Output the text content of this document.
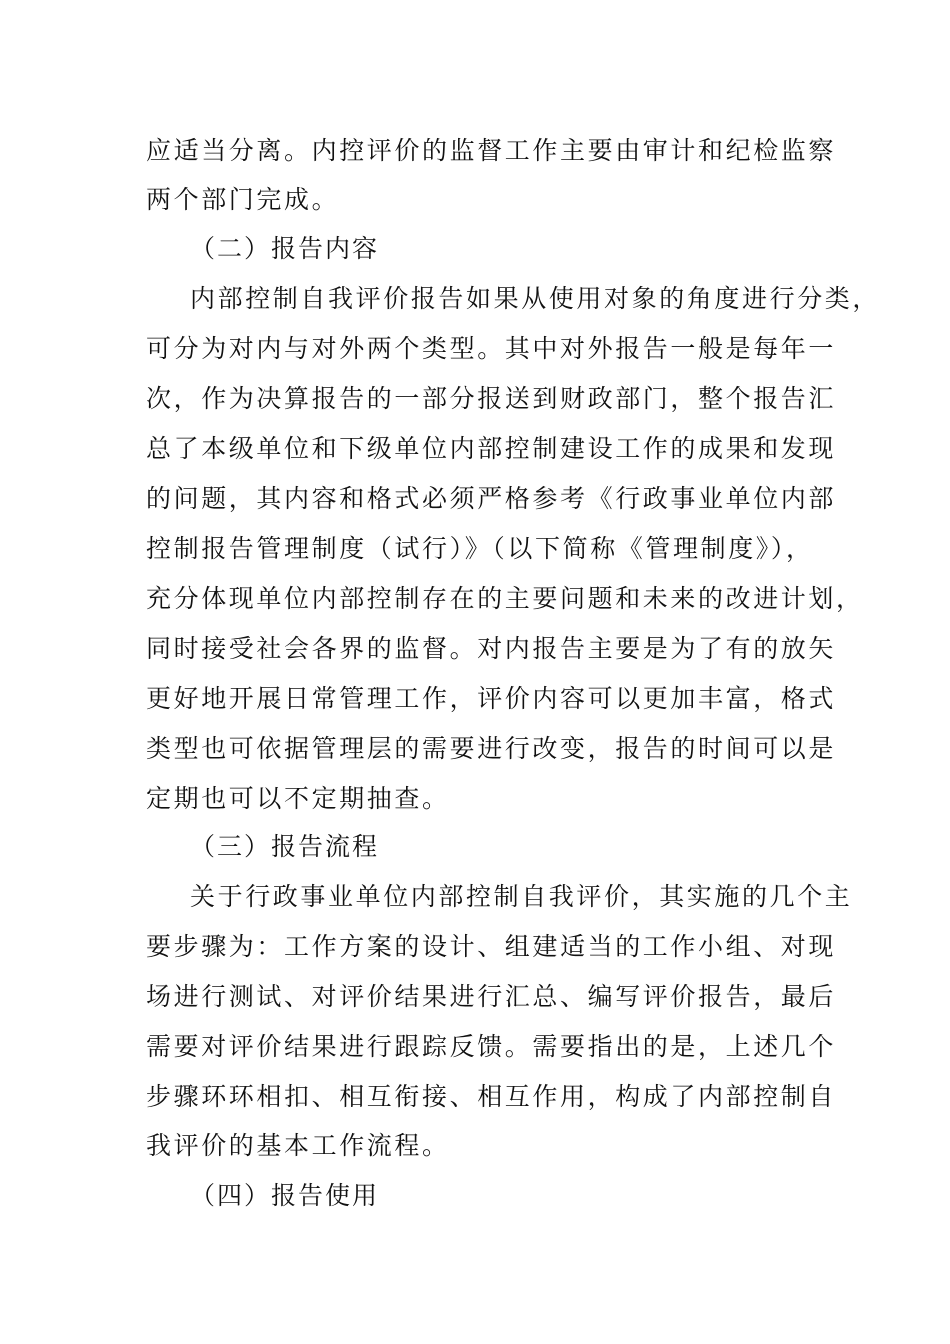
应适当分离。内控评价的监督工作主要由审计和纪检监察
两个部门完成。
（二）报告内容
内部控制自我评价报告如果从使用对象的角度进行分类，
可分为对内与对外两个类型。其中对外报告一般是每年一
次，作为决算报告的一部分报送到财政部门，整个报告汇
总了本级单位和下级单位内部控制建设工作的成果和发现
的问题，其内容和格式必须严格参考《行政事业单位内部
控制报告管理制度（试行）》（以下简称《管理制度》），
充分体现单位内部控制存在的主要问题和未来的改进计划，
同时接受社会各界的监督。对内报告主要是为了有的放矢
更好地开展日常管理工作，评价内容可以更加丰富，格式
类型也可依据管理层的需要进行改变，报告的时间可以是
定期也可以不定期抽查。
（三）报告流程
关于行政事业单位内部控制自我评价，其实施的几个主
要步骤为：工作方案的设计、组建适当的工作小组、对现
场进行测试、对评价结果进行汇总、编写评价报告，最后
需要对评价结果进行跟踪反馈。需要指出的是，上述几个
步骤环环相扣、相互衔接、相互作用，构成了内部控制自
我评价的基本工作流程。
（四）报告使用
